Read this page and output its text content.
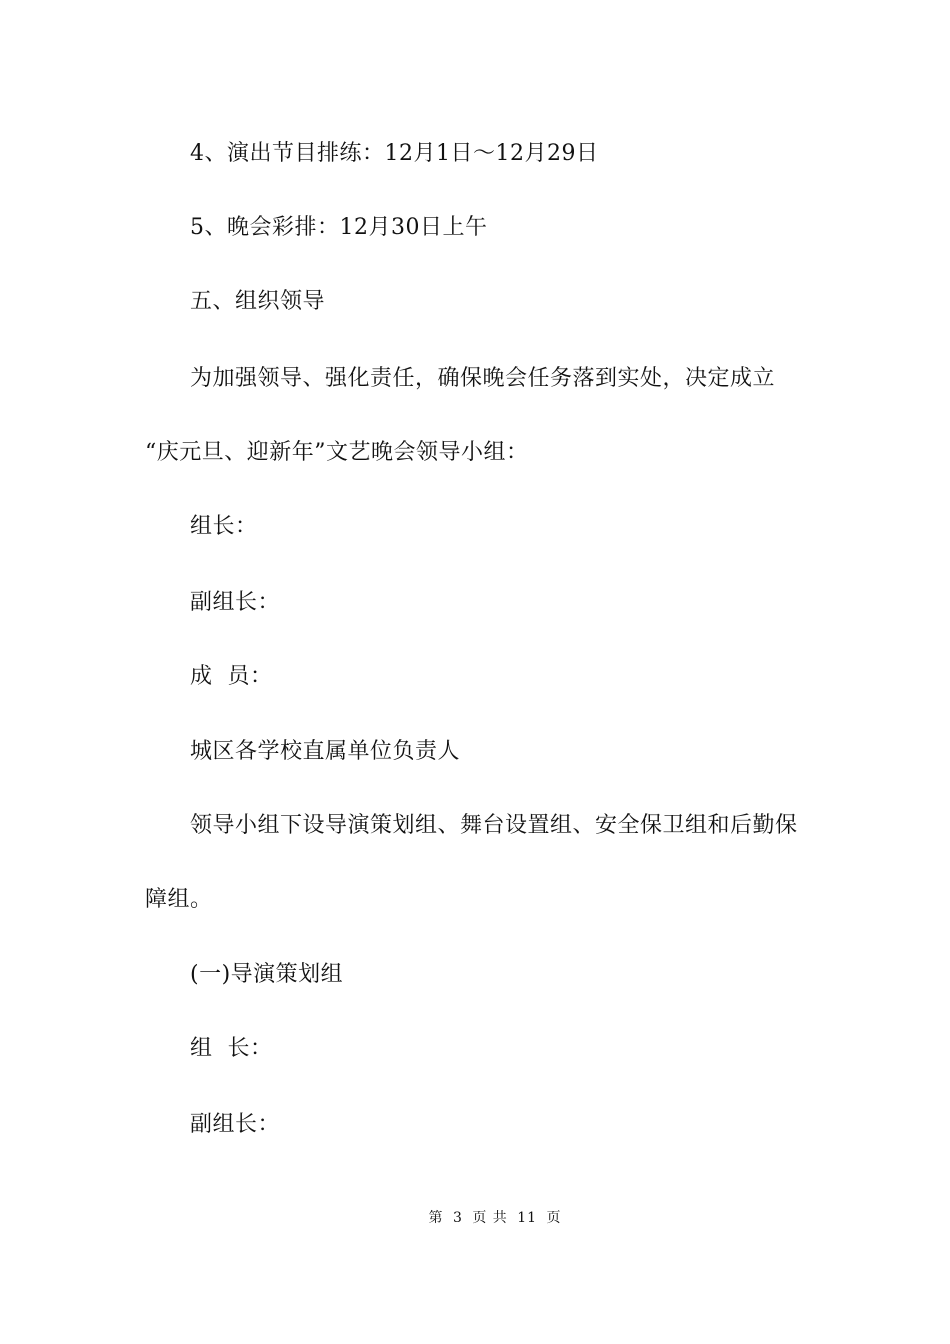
4、演出节目排练：12月1日～12月29日
5、晚会彩排：12月30日上午
五、组织领导
为加强领导、强化责任，确保晚会任务落到实处，决定成立
“庆元旦、迎新年”文艺晚会领导小组：
组长：
副组长：
成  员：
城区各学校直属单位负责人
领导小组下设导演策划组、舞台设置组、安全保卫组和后勤保
障组。
(一)导演策划组
组  长：
副组长：
第 3 页 共 11 页
